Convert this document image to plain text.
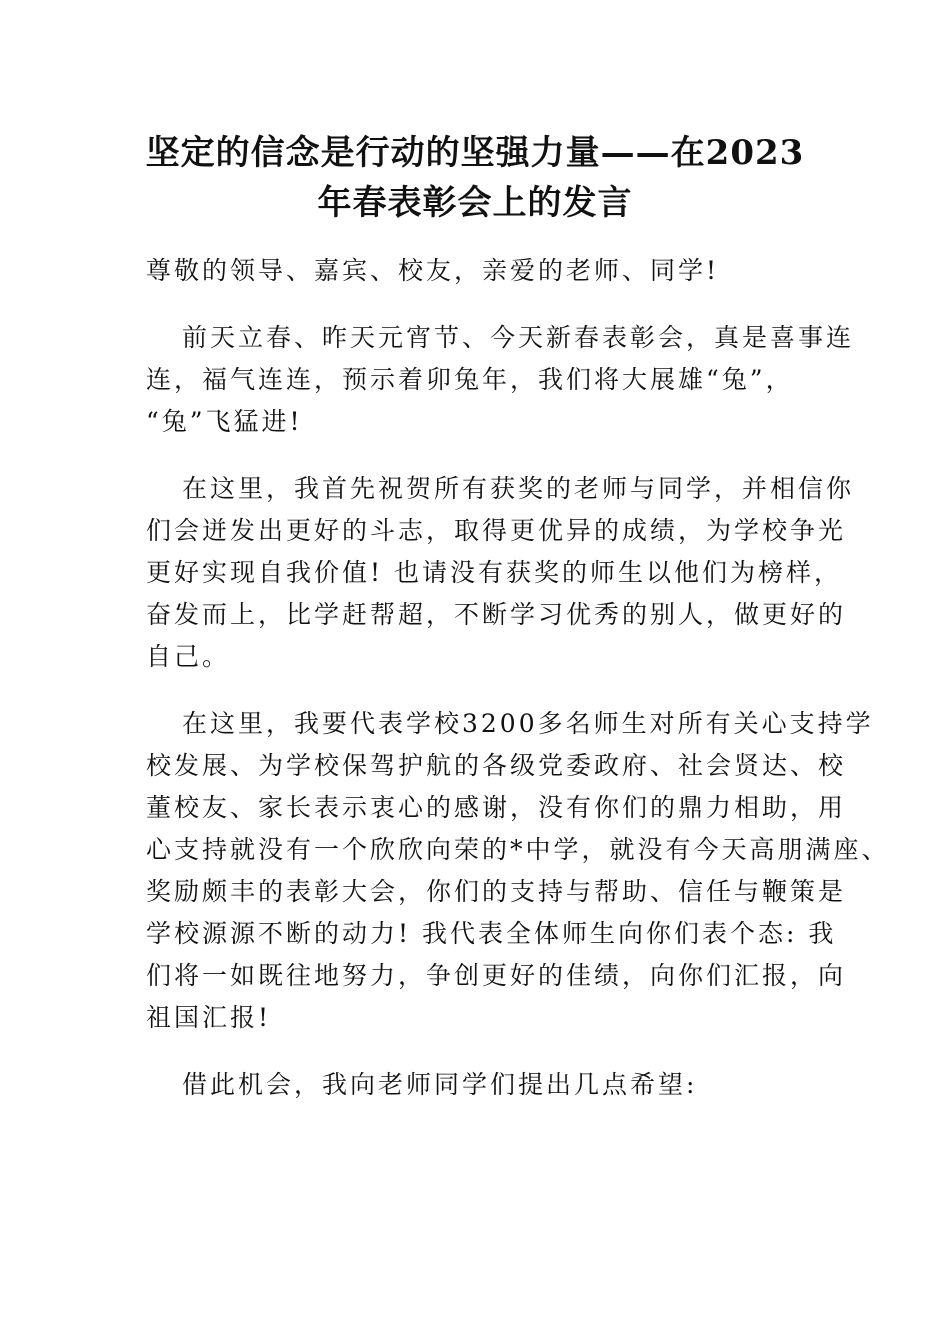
坚定的信念是行动的坚强力量——在2023

年春表彰会上的发言

尊敬的领导、嘉宾、校友，亲爱的老师、同学!

前天立春、昨天元宵节、今天新春表彰会，真是喜事连
连，福气连连，预示着卯兔年，我们将大展雄“兔”，
“兔”飞猛进!

在这里，我首先祝贺所有获奖的老师与同学，并相信你
们会迸发出更好的斗志，取得更优异的成绩，为学校争光
更好实现自我价值! 也请没有获奖的师生以他们为榜样，
奋发而上，比学赶帮超，不断学习优秀的别人，做更好的
自己。

在这里，我要代表学校3200多名师生对所有关心支持学
校发展、为学校保驾护航的各级党委政府、社会贤达、校
董校友、家长表示衷心的感谢，没有你们的鼎力相助，用
心支持就没有一个欣欣向荣的*中学，就没有今天高朋满座、
奖励颇丰的表彰大会，你们的支持与帮助、信任与鞭策是
学校源源不断的动力! 我代表全体师生向你们表个态: 我
们将一如既往地努力，争创更好的佳绩，向你们汇报，向
祖国汇报!

借此机会，我向老师同学们提出几点希望:
